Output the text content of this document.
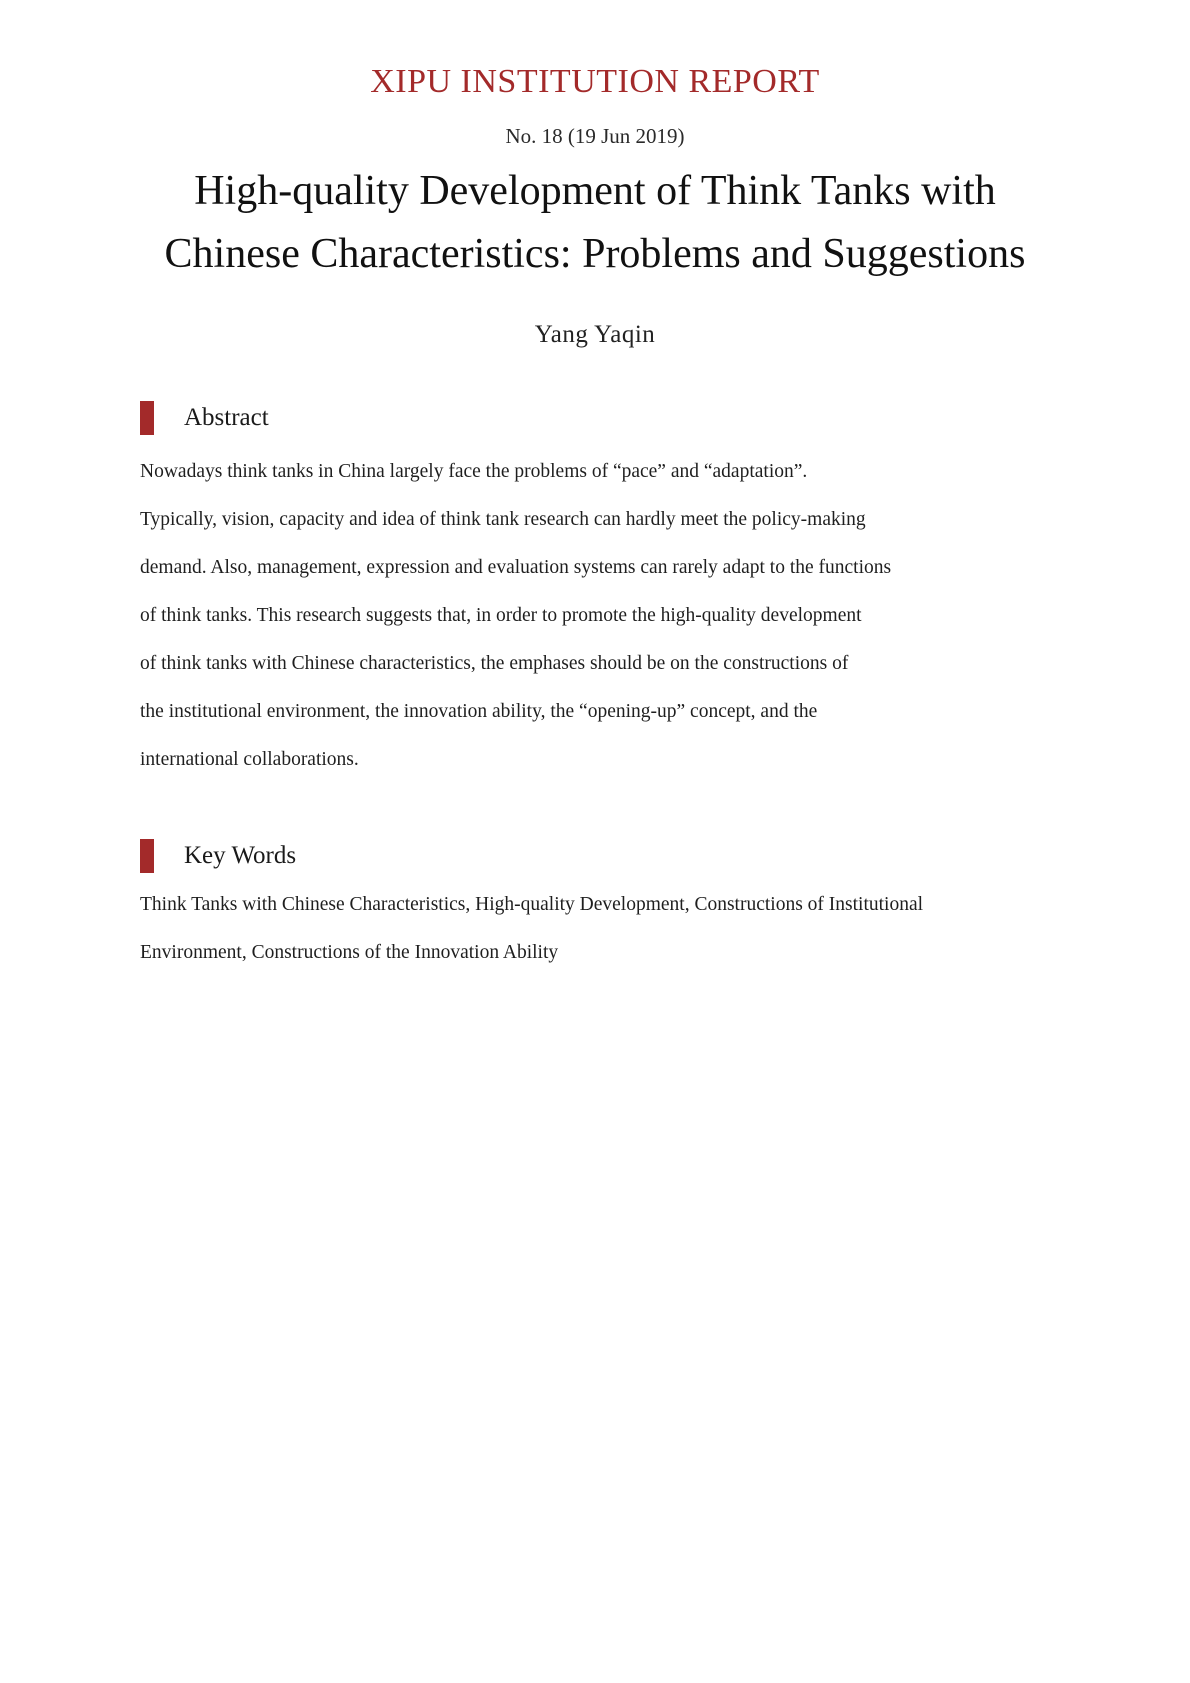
XIPU INSTITUTION REPORT
No. 18 (19 Jun 2019)
High-quality Development of Think Tanks with
Chinese Characteristics: Problems and Suggestions
Yang Yaqin
Abstract
Nowadays think tanks in China largely face the problems of “pace” and “adaptation”.
Typically, vision, capacity and idea of think tank research can hardly meet the policy-making
demand. Also, management, expression and evaluation systems can rarely adapt to the functions
of think tanks. This research suggests that, in order to promote the high-quality development
of think tanks with Chinese characteristics, the emphases should be on the constructions of
the institutional environment, the innovation ability, the “opening-up” concept, and the
international collaborations.
Key Words
Think Tanks with Chinese Characteristics, High-quality Development, Constructions of Institutional
Environment, Constructions of the Innovation Ability
